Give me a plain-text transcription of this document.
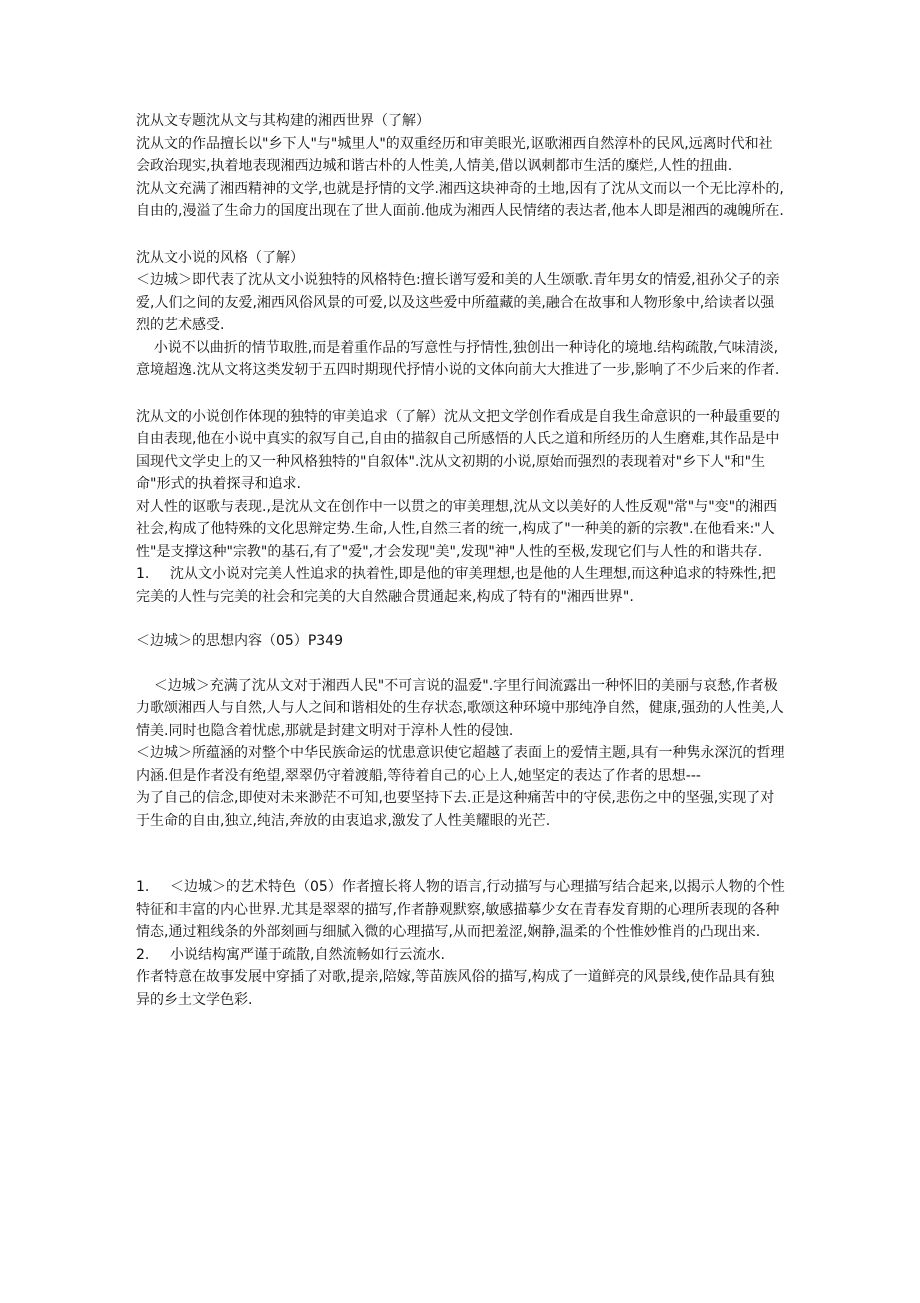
沈从文专题沈从文与其构建的湘西世界（了解）

沈从文的作品擅长以"乡下人"与"城里人"的双重经历和审美眼光,讴歌湘西自然淳朴的民风,远离时代和社会政治现实,执着地表现湘西边城和谐古朴的人性美,人情美,借以讽刺都市生活的糜烂,人性的扭曲.

沈从文充满了湘西精神的文学,也就是抒情的文学.湘西这块神奇的土地,因有了沈从文而以一个无比淳朴的,自由的,漫溢了生命力的国度出现在了世人面前.他成为湘西人民情绪的表达者,他本人即是湘西的魂魄所在.

沈从文小说的风格（了解）

＜边城＞即代表了沈从文小说独特的风格特色:擅长谱写爱和美的人生颂歌.青年男女的情爱,祖孙父子的亲爱,人们之间的友爱,湘西风俗风景的可爱,以及这些爱中所蕴藏的美,融合在故事和人物形象中,给读者以强烈的艺术感受.

小说不以曲折的情节取胜,而是着重作品的写意性与抒情性,独创出一种诗化的境地.结构疏散,气味清淡,意境超逸.沈从文将这类发轫于五四时期现代抒情小说的文体向前大大推进了一步,影响了不少后来的作者.

沈从文的小说创作体现的独特的审美追求（了解）沈从文把文学创作看成是自我生命意识的一种最重要的自由表现,他在小说中真实的叙写自己,自由的描叙自己所感悟的人氏之道和所经历的人生磨难,其作品是中国现代文学史上的又一种风格独特的"自叙体".沈从文初期的小说,原始而强烈的表现着对"乡下人"和"生命"形式的执着探寻和追求.

对人性的讴歌与表现.,是沈从文在创作中一以贯之的审美理想,沈从文以美好的人性反观"常"与"变"的湘西社会,构成了他特殊的文化思辩定势.生命,人性,自然三者的统一,构成了"一种美的新的宗教".在他看来:"人性"是支撑这种"宗教"的基石,有了"爱",才会发现"美",发现"神"人性的至极,发现它们与人性的和谐共存.

1. 沈从文小说对完美人性追求的执着性,即是他的审美理想,也是他的人生理想,而这种追求的特殊性,把完美的人性与完美的社会和完美的大自然融合贯通起来,构成了特有的"湘西世界".

＜边城＞的思想内容（05）P349

＜边城＞充满了沈从文对于湘西人民"不可言说的温爱".字里行间流露出一种怀旧的美丽与哀愁,作者极力歌颂湘西人与自然,人与人之间和谐相处的生存状态,歌颂这种环境中那纯净自然，健康,强劲的人性美,人情美.同时也隐含着忧虑,那就是封建文明对于淳朴人性的侵蚀.

＜边城＞所蕴涵的对整个中华民族命运的忧患意识使它超越了表面上的爱情主题,具有一种隽永深沉的哲理内涵.但是作者没有绝望,翠翠仍守着渡船,等待着自己的心上人,她坚定的表达了作者的思想---

为了自己的信念,即使对未来渺茫不可知,也要坚持下去.正是这种痛苦中的守侯,悲伤之中的坚强,实现了对于生命的自由,独立,纯洁,奔放的由衷追求,激发了人性美耀眼的光芒.

1. ＜边城＞的艺术特色（05）作者擅长将人物的语言,行动描写与心理描写结合起来,以揭示人物的个性特征和丰富的内心世界.尤其是翠翠的描写,作者静观默察,敏感描摹少女在青春发育期的心理所表现的各种情态,通过粗线条的外部刻画与细腻入微的心理描写,从而把羞涩,娴静,温柔的个性惟妙惟肖的凸现出来.

2. 小说结构寓严谨于疏散,自然流畅如行云流水.

作者特意在故事发展中穿插了对歌,提亲,陪嫁,等苗族风俗的描写,构成了一道鲜亮的风景线,使作品具有独异的乡土文学色彩.
